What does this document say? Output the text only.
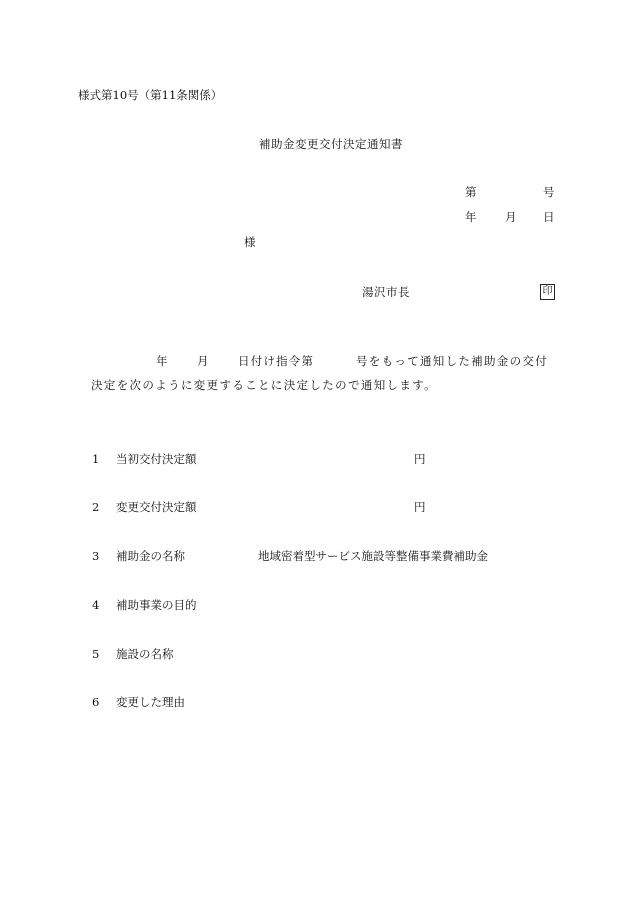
様式第10号（第11条関係）
補助金変更交付決定通知書
第	号
年 月 日
様
湯沢市長	印
年	月	日付け指令第	号をもって通知した補助金の交付
決定を次のように変更することに決定したので通知します。
1 当初交付決定額	円
2 変更交付決定額	円
3 補助金の名称	地域密着型サービス施設等整備事業費補助金
4 補助事業の目的
5 施設の名称
6 変更した理由
